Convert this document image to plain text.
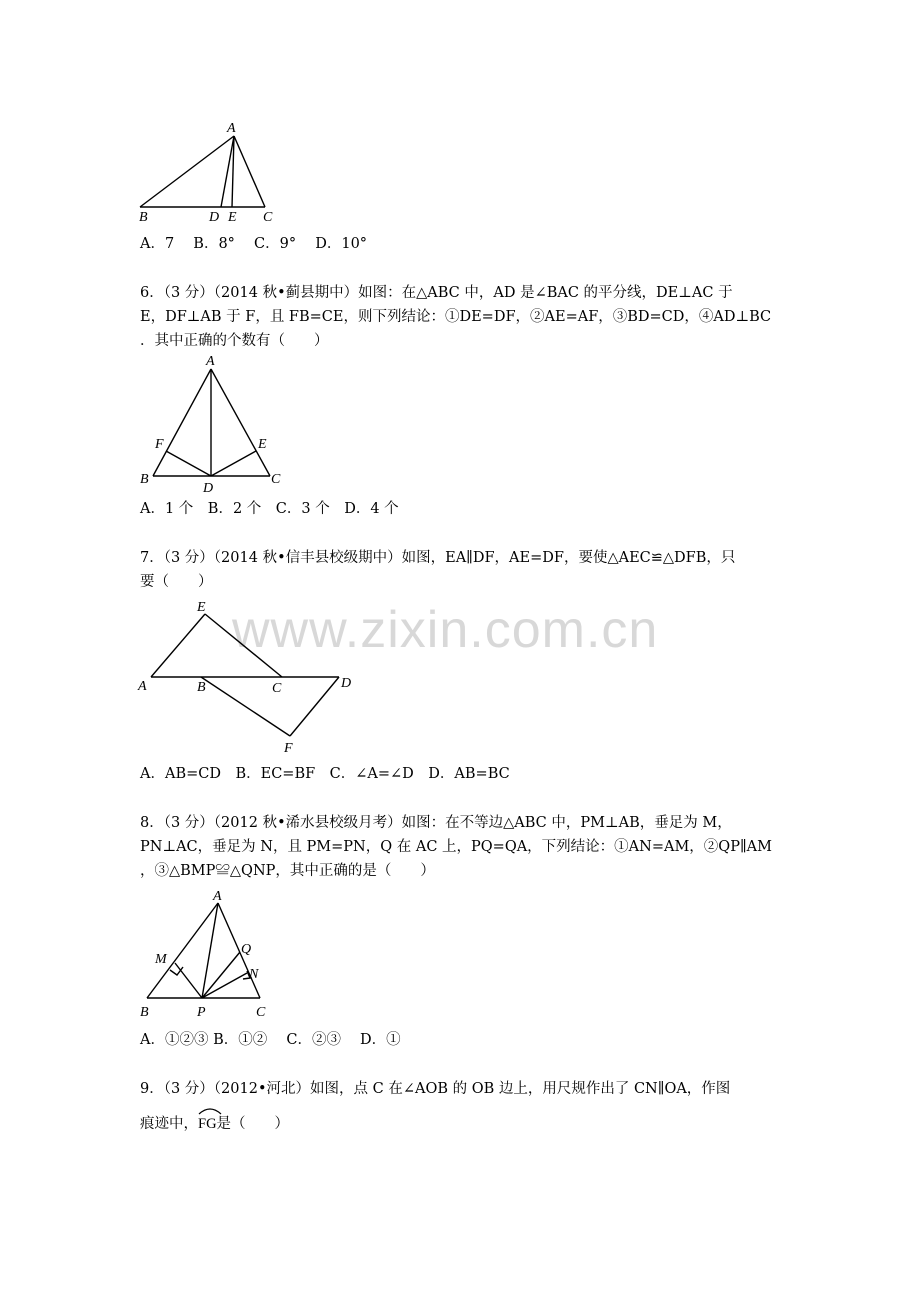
www.zixin.com.cn
A
B	D E C
A．7　 B．8°　 C．9°　 D．10°
6．（3 分）（2014 秋•蓟县期中）如图：在△ABC 中，AD 是∠BAC 的平分线，DE⊥AC 于
E，DF⊥AB 于 F，且 FB=CE，则下列结论：①DE=DF，②AE=AF，③BD=CD，④AD⊥BC
．其中正确的个数有（　　）
A
F	E
B
D
C
A．1 个　B．2 个　C．3 个　D．4 个
7．（3 分）（2014 秋•信丰县校级期中）如图，EA∥DF，AE=DF，要使△AEC≌△DFB，只
要（　　）
E
A	B	C	D
F
A．AB=CD　B．EC=BF　C．∠A=∠D　D．AB=BC
8．（3 分）（2012 秋•浠水县校级月考）如图：在不等边△ABC 中，PM⊥AB，垂足为 M，
PN⊥AC，垂足为 N，且 PM=PN，Q 在 AC 上，PQ=QA，下列结论：①AN=AM，②QP∥AM
，③△BMP≌△QNP，其中正确的是（　　）
A
M
Q
N
B	P	C
A．①②③ B．①②　 C．②③　 D．①
9．（3 分）（2012•河北）如图，点 C 在∠AOB 的 OB 边上，用尺规作出了 CN∥OA，作图
痕迹中，
FG是（　　）
